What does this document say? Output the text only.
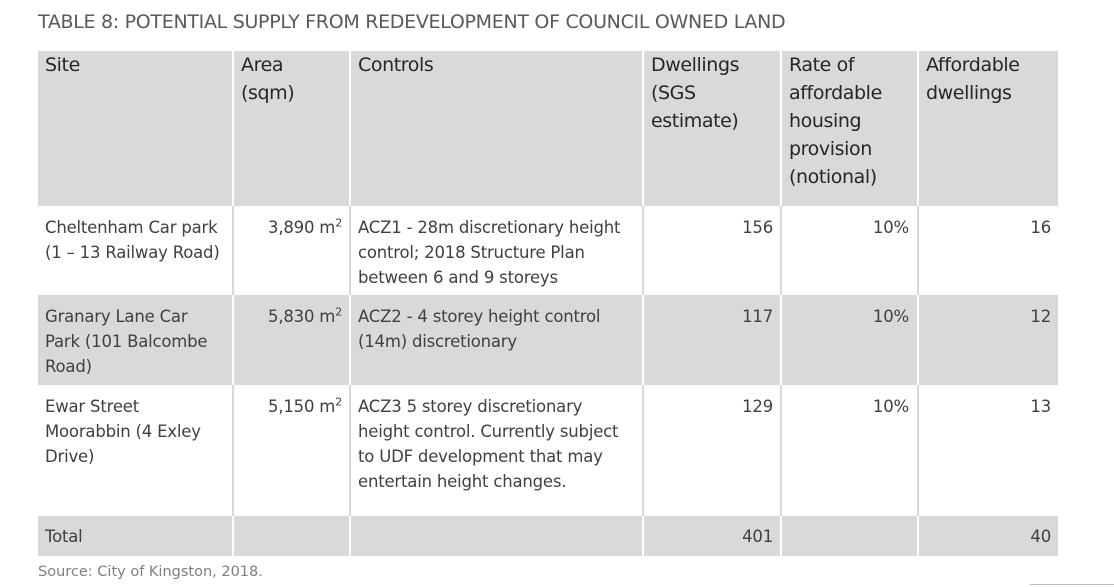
TABLE 8: POTENTIAL SUPPLY FROM REDEVELOPMENT OF COUNCIL OWNED LAND
Site	Area (sqm)	Controls	Dwellings (SGS estimate)	Rate of affordable housing provision (notional)	Affordable dwellings
Cheltenham Car park (1 – 13 Railway Road)	3,890 $m^2$	ACZ1 - 28m discretionary height control; 2018 Structure Plan between 6 and 9 storeys	156	10%	16
Granary Lane Car Park (101 Balcombe Road)	5,830 $m^2$	ACZ2 - 4 storey height control (14m) discretionary	117	10%	12
Ewar Street Moorabbin (4 Exley Drive)	5,150 $m^2$	ACZ3 5 storey discretionary height control. Currently subject to UDF development that may entertain height changes.	129	10%	13
Total			401		40
Source: City of Kingston, 2018.
